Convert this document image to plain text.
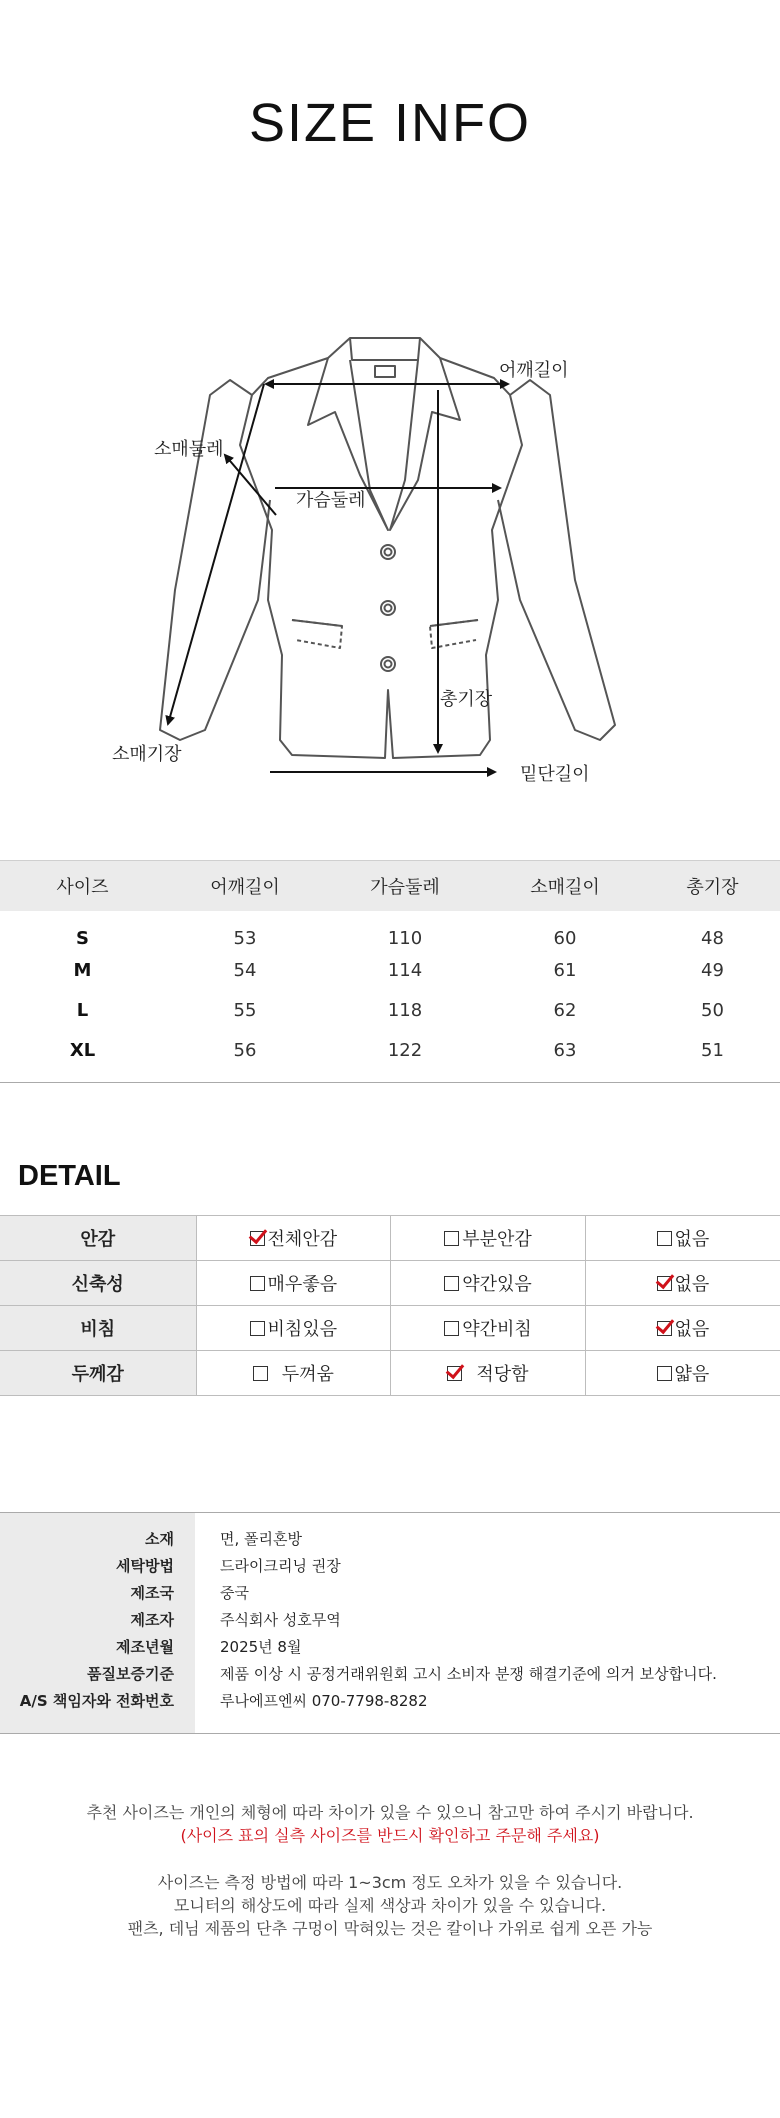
SIZE INFO
어깨길이
소매둘레
가슴둘레
총기장
소매기장
밑단길이
사이즈	어깨길이	가슴둘레	소매길이	총기장
S	53	110	60	48
M	54	114	61	49
L	55	118	62	50
XL	56	122	63	51
DETAIL
안감	전체안감	부분안감	없음

신축성	매우좋음	약간있음	없음

비침	비침있음	약간비침	없음

두께감	두껴움	적당함	얇음
소재	면, 폴리혼방
세탁방법	드라이크리닝 권장
제조국	중국
제조자	주식회사 성호무역
제조년월	2025년 8월
품질보증기준	제품 이상 시 공정거래위원회 고시 소비자 분쟁 해결기준에 의거 보상합니다.
A/S 책임자와 전화번호	루나에프엔씨 070-7798-8282

추천 사이즈는 개인의 체형에 따라 차이가 있을 수 있으니 참고만 하여 주시기 바랍니다.

(사이즈 표의 실측 사이즈를 반드시 확인하고 주문해 주세요)

사이즈는 측정 방법에 따라 1~3cm 정도 오차가 있을 수 있습니다.

모니터의 해상도에 따라 실제 색상과 차이가 있을 수 있습니다.

팬츠, 데님 제품의 단추 구멍이 막혀있는 것은 칼이나 가위로 쉽게 오픈 가능
